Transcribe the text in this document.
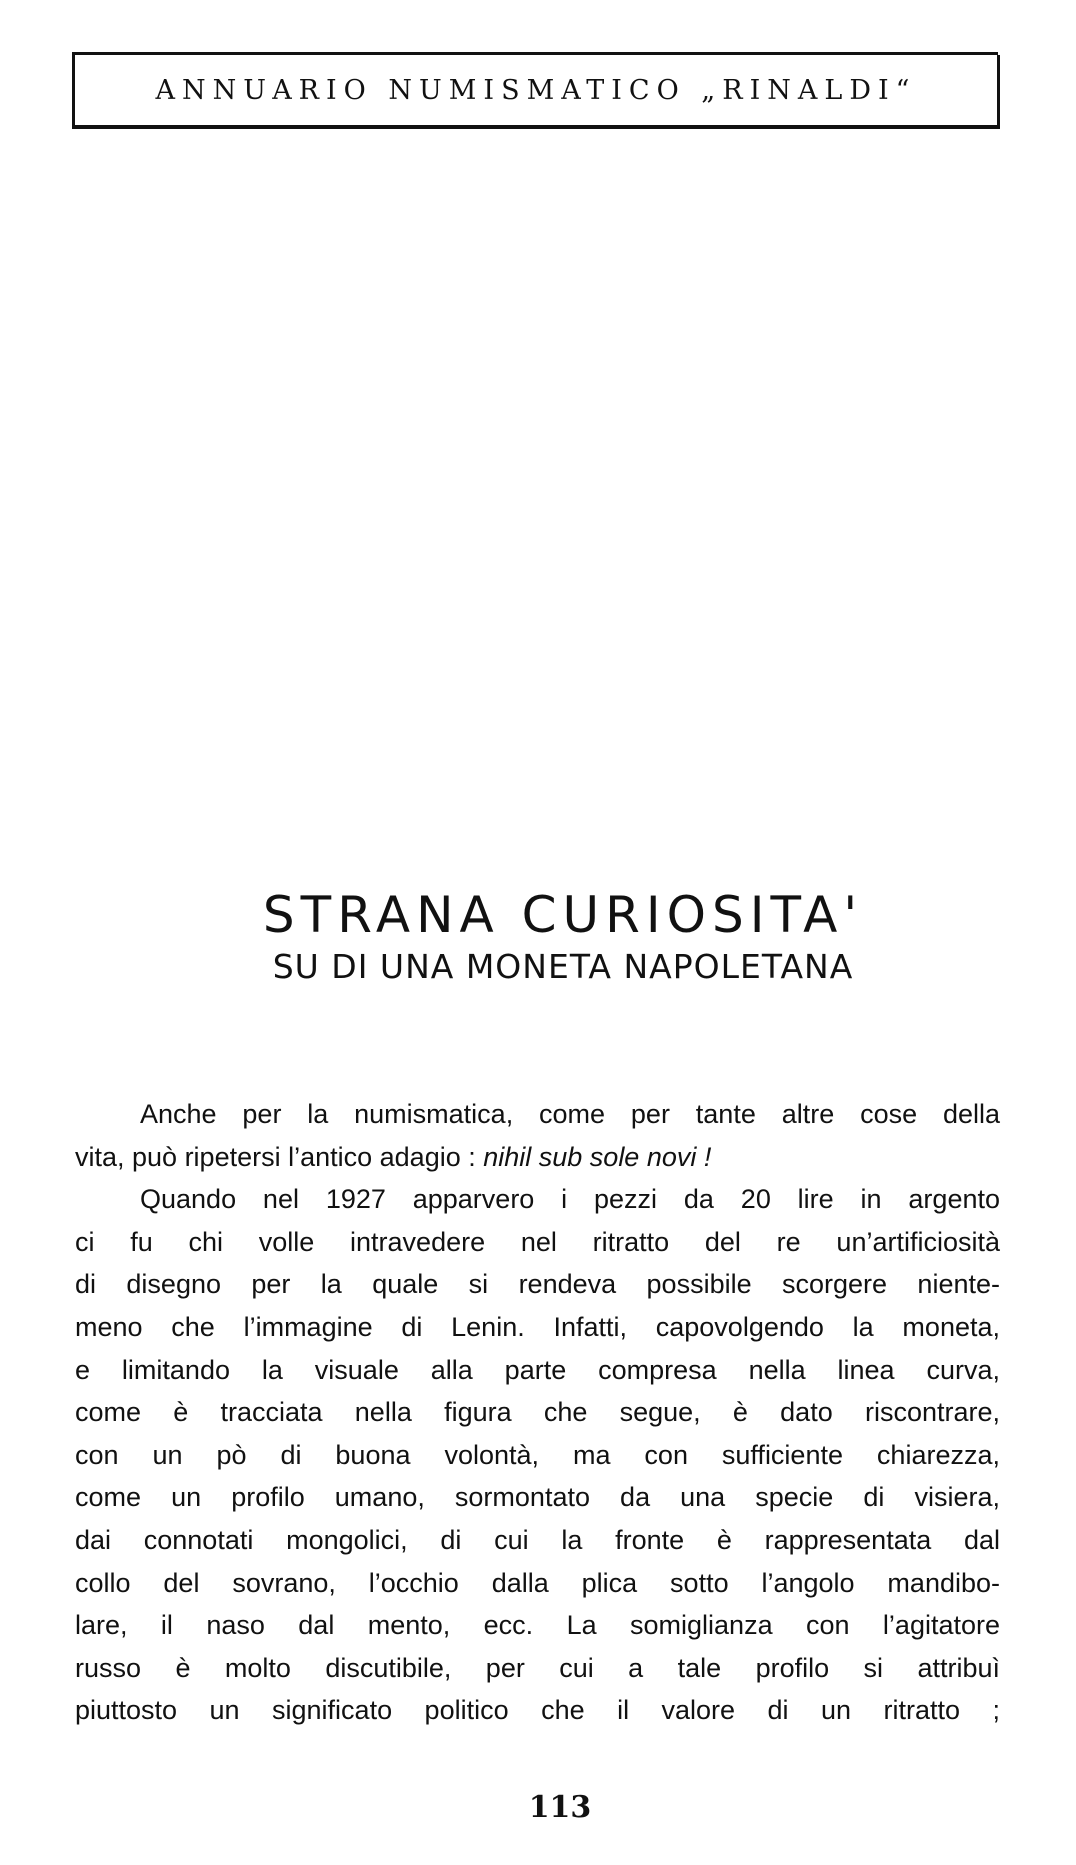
ANNUARIO NUMISMATICO „RINALDI“
STRANA CURIOSITA'
SU DI UNA MONETA NAPOLETANA
Anche per la numismatica, come per tante altre cose della
vita, può ripetersi l’antico adagio : nihil sub sole novi !
Quando nel 1927 apparvero i pezzi da 20 lire in argento
ci fu chi volle intravedere nel ritratto del re un’artificiosità
di disegno per la quale si rendeva possibile scorgere niente-
meno che l’immagine di Lenin. Infatti, capovolgendo la moneta,
e limitando la visuale alla parte compresa nella linea curva,
come è tracciata nella figura che segue, è dato riscontrare,
con un pò di buona volontà, ma con sufficiente chiarezza,
come un profilo umano, sormontato da una specie di visiera,
dai connotati mongolici, di cui la fronte è rappresentata dal
collo del sovrano, l’occhio dalla plica sotto l’angolo mandibo-
lare, il naso dal mento, ecc. La somiglianza con l’agitatore
russo è molto discutibile, per cui a tale profilo si attribuì
piuttosto un significato politico che il valore di un ritratto ;
113
